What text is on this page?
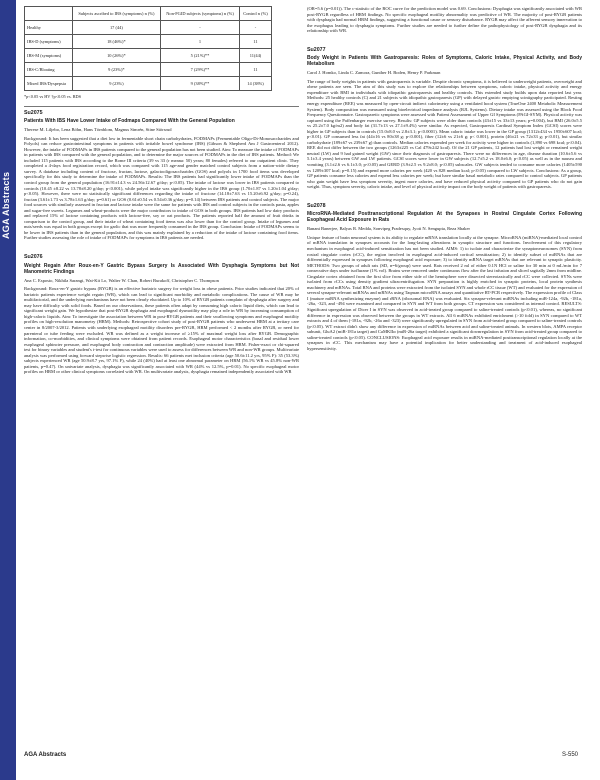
AGA Abstracts
	Subjects ascribed to IBS (symptoms) n (%)	Non-FGID subjects (symptoms) n (%)	Control n (%)
Healthy	17 (44)	-	-
IBS-D (symptoms)	18 (46%)*	1	11
IBS-M (symptoms)	10 (26%)*	5 (21%)**	11(44)
IBS-C/Bloating	9 (23%)*	7 (29%)**	11
Mixed IBS/Dyspepsia	9 (23%)	9 (38%)**	14 (38%)
*p<0.05 vs HV †p<0.05 vs. RDS
Su2075
Patients With IBS Have Lower Intake of Fodmaps Compared With the General Population
Therese M. Liljebo, Lena Böhn, Hans Törnblom, Magnus Simrén, Stine Störsrud
Background: It has been suggested that a diet low in fermentable short chain carbohydrates, FODMAPs (Fermentable Oligo-Di-Monosaccharides and Polyols) can reduce gastrointestinal symptoms in patients with irritable bowel syndrome (IBS) (Gibson & Shepherd Am J Gastroenterol 2012). However, the intake of FODMAPs in IBS patients compared to the general population has not been studied. Aim: To measure the intake of FODMAPs in patients with IBS compared with the general population, and to determine the major sources of FODMAPs in the diet of IBS patients. Method: We included 115 patients with IBS according to the Rome III criteria (39 vs 33 (r meana: 50) years; 80 females) referred to our outpatient clinic. They completed a 4-days food registration record, which was compared with 115 age-and gender matched control subjects from a nation-wide dietary survey. A database including content of fructose, fructan, lactose, galactooligosaccharides (GOS) and polyols in 1700 food items was developed specifically for this study to determine the intake of FODMAPs. Results: The IBS patients had significantly lower intake of FODMAPs than the control group from the general population (16.91±14.3 vs 24.56±12.67 g/day; p<0.05). The intake of lactose was lower in IBS patients compared to controls (10.45 ±8.22 vs 13.78±8.20 g/day; p<0.001), while polyol intake was significantly higher in the IBS group (1.70±1.87 vs 1.20±1.04 g/day; p<0.05). However, there were no statistically significant differences regarding the intake of fructose (14.18±7.63 vs 15.20±6.92 g/day; p=0.24), fructan (3.61±1.73 vs 3.78±1.63 g/day; p=0.61) or GOS (0.61±0.54 vs 0.54±0.36 g/day; p=0.14) between IBS patients and control subjects. The major food sources with similarly assessed in fructan and lactose intake were the same for patients with IBS and control subjects in the controls pasta, apples and sugar-free sweets. Legumes and wheat-products were the major contributors to intake of GOS in both groups. IBS patients had low dairy products and replaced 15% of lactose containing products with lactose-free, soy or oat products. The patients reported half the amount of fruit drinks in comparison to the control group, and their intake of wheat containing food items was also lower than for the control group. Intake of legumes and nuts/seeds was equal in both groups except for garlic that was more frequently consumed in the IBS group. Conclusion: Intake of FODMAPs seems to be lower in IBS patients than in the general population, and this was mainly explained by a reduction of the intake of lactose containing food items. Further studies assessing the role of intake of FODMAPs for symptoms in IBS patients are needed.
Su2076
Weight Regain After Roux-en-Y Gastric Bypass Surgery Is Associated With Dysphagia Symptoms but Not Manometric Findings
Ana C. Esposto, Nikhila Sarangi, Wai-Kit Lo, Walter W. Chan, Robert Burakoff, Christopher C. Thompson
Background: Roux-en-Y gastric bypass (RYGB) is an effective bariatric surgery for weight loss in obese patients. Prior studies indicated that 20% of bariatric patients experience weight regain (WR), which can lead to significant morbidity and metabolic complications. The cause of WR may be multifactorial, and the underlying mechanisms have not been clearly elucidated. Up to 10% of RYGB patients complain of dysphagia after surgery and may have difficulty with solid foods. Based on our observations, these patients often adapt by consuming high caloric liquid diets, which can lead to significant weight gain. We hypothesize that post-RYGB dysphagia and esophageal dysmotility may play a role in WR by increasing consumption of high-caloric liquids. Aim: To investigate the association between WR in post-RYGB patients and their swallowing symptoms and esophageal motility profiles on high-resolution manometry (HRM). Methods: Retrospective cohort study of post-RYGB patients who underwent HRM at a tertiary care center in 8/2007-3/2012. Patients with underlying esophageal motility disorders pre-RYGB, HRM performed < 2 months after RYGB, or need for parenteral or tube feeding were excluded. WR was defined as a weight increase of ≥15% of maximal weight loss after RYGB. Demographic information, co-morbidities, and clinical symptoms were obtained from patient records. Esophageal motor characteristics (basal and residual lower esophageal sphincter pressure, and esophageal body contraction and contraction amplitude) were extracted from HRM. Fisher-exact or chi-squared test for binary variables and student's t-test for continuous variables were used to assess for differences between WR and non-WR groups. Multivariate analysis was performed using forward stepwise logistic regression. Results: 66 patients met inclusion criteria (age 50.6±11.2 yrs, 95% F): 35 (53.3%) subjects experienced WR (age 50.9±8.7 yrs, 97.1% F), while 24 (40%) had at least one abnormal parameter on HRM (56.1% WR vs 45.8% non-WR patients, p=0.47). On univariate analysis, dysphagia was significantly associated with WR (44% vs 12.5%, p=0.01). No specific esophageal motor profiles on HRM or other clinical symptoms correlated with WR. On multivariate analysis, dysphagia remained independently associated with WR
(OR=5.6 (p=0.01)). The c-statistic of the ROC curve for the prediction model was 0.69. Conclusions: Dysphagia was significantly associated with WR post-RYGB regardless of HRM findings. No specific esophageal motility abnormality was predictive of WR. The majority of post-RYGB patients with dysphagia had normal HRM findings, suggesting a functional cause or sensory disturbance. RYGB may affect the afferent sensory innervation to the esophagus leading to dysphagia symptoms. Further studies are needed to further define the pathophysiology of post-RYGB dysphagia and its relationship with WR.
Su2077
Body Weight in Patients With Gastroparesis: Roles of Symptoms, Caloric Intake, Physical Activity, and Body Metabolism
Carol J. Homko, Linda C. Zamora, Gunther H. Boden, Henry P. Parkman
The range of body weights in patients with gastroparesis is variable. Despite chronic symptoms, it is believed to underweight patients, overweight and obese patients are seen. The aim of this study was to explore the relationships between symptoms, caloric intake, physical activity and energy expenditure with BMI in individuals with idiopathic gastroparesis and healthy controls. This extended study builds upon data reported last year. Methods: 25 healthy controls (C) and 21 subjects with idiopathic gastroparesis (GP) with delayed gastric emptying scintigraphy participated. Resting energy expenditure (REE) was measured by open-circuit indirect calorimetry using a ventilated hood system (TrueOne 2400 Metabolic Measurement System). Body composition was measured using bioelectrical impedance analysis (RJL Systems). Dietary intake was assessed using the Block Food Frequency Questionnaire. Gastroparetic symptoms were assessed with Patient Assessment of Upper GI Symptoms (PAGI-SYM). Physical activity was captured using the Paffenbarger exercise survey. Results: GP subjects were older than controls (43±15 vs 33±13 years; p=0.004), but BMI (26.0±5.5 vs 25.2±7.0 kg/m2) and body fat (31.7±13 vs 27.1±9.4%) were similar. As expected, Gastroparesis Cardinal Symptom Index (GCSI) scores were higher in GP subjects than in controls (15.0±8.0 vs 2.8±3.1; p<0.0001). Mean caloric intake was lower in the GP group (1312±434 vs 1950±607 kcal; p<0.01). GP consumed less fat (44±16 vs 80±38 g; p<0.001), fiber (12±6 vs 21±6 g; p< 0.001), protein (46±21 vs 72±33 g; p<0.01), but similar carbohydrate (189±67 vs 239±67 g) than controls. Median calories expended per week for activity were higher in controls (1,890 vs 698 kcal; p<0.04). REE did not differ between the two groups (1263±225 vs Cal 479±242 kcal). Of the 21 GP patients, 12 patients had lost weight or remained weight neutral (LW) and 9 had gained weight (GW) since their diagnosis of gastroparesis. There were no differences in age, disease duration (10.6±5.6 vs 5.1±3.4 years) between GW and LW patients. GCSI scores were lower in GW subjects (12.7±5.2 vs 18.0±6.0; p<0.05) as well as in the nausea and vomiting (3.1±2.6 vs 6.1±3.0; p<0.05) and GERD (3.9±2.5 vs 9.2±8.0; p<0.05) subscales. GW subjects tended to consume more calories (1405±590 vs 1209±307 kcal; p=0.15) and expend more calories per week (420 vs 828 median kcal; p<0.05) compared to LW subjects. Conclusions: As a group, GP patients consume less calories and expend less calories per week; but have similar basal metabolic rates compared to control subjects. GP patients who gain weight have less symptom severity, ingest more calories, and have reduced physical activity compared to GP patients who do not gain weight. Thus, symptom severity, caloric intake, and level of physical activity impact on the body weight of patients with gastroparesis.
Su2078
MicroRNA-Mediated Posttranscriptional Regulation At the Synapses in Rostral Cingulate Cortex Following Esophageal Acid Exposure in Rats
Banani Banerjee, Balyas R. Medda, Sonvipeg Pradesquy, Jyoti N. Sengupta, Reza Shaker
Unique feature of brain neuronal system is its ability to regulate mRNA translation locally at the synapse. MicroRNA (miRNA)-mediated local control of mRNA translation in synapses accounts for the long-lasting alterations in synaptic structure and functions. Involvement of this regulatory mechanism in esophageal acid-induced sensitization has not been studied. AIMS: 1) to isolate and characterize the synaptoneurosomes (SYN) from rostral cingulate cortex (rCC), the region involved in esophageal acid-induced cortical sensitization; 2) to identify subset of miRNAs that are differentially expressed in synapses following esophageal acid exposure; 3) to identify mRNA target mRNAs that are relevant to synaptic plasticity. METHODS: Two groups of adult rats (SD, n=6/group) were used. Rats received 2 ml of either 0.1N HCl or saline for 30 min at 0 mL/min for 7 consecutive days under isoflurane (1% vol). Brains were removed under continuous flow after the last infusion and sliced sagitally 2mm from midline. Cingulate cortex obtained from the first slice from either side of the hemisphere were dissected stereotaxically and rCC were collected. SYNs were isolated from rCCs using density gradient ultracentrifugation. SYN preparation is highly enriched in synaptic proteins, local protein synthesis machinery and mRNAs. Total RNA and proteins were extracted from the isolated SYN and whole rCC tissue (WT) and evaluated for the expression of several synapse-relevant miRNAs and mRNAs using Taqman microRNA assays and quantitative RT-PCR respectively. The expression profile of Class I (mature miRNA synthesizing enzyme) and rRNA (ribosomal RNA) was evaluated. Six synapse-relevant miRNAs including miR-124a, -92b, -181a, -26a, -323, and -494 were examined and compared in SYN and WT from both groups. CT expression was considered as internal control. RESULTS: Significant upregulation of Dicer I in SYN was observed in acid-treated group compared to saline-treated controls (p<0.01), whereas, no significant difference in expression was observed between the groups in WT extracts. All 6 miRNAs exhibited enrichment (>10 fold) in SYN compared to WT extracts and 4 of them (-181a, -92b, -26a and -323) were significantly upregulated in SYN from acid-treated group compared to saline-treated controls (p<0.05). WT extract didn't show any difference in expression of miRNAs between acid and saline-treated animals. In western blots, AMPA receptor subunit, GluA2 (miR-181a target) and CaMKIIα (miR-26a target) exhibited a significant downregulation in SYN from acid-treated group compared to saline-treated controls (p<0.05). CONCLUSIONS: Esophageal acid exposure results in miRNA-mediated posttranscriptional regulation locally at the synapses in rCC. This mechanism may have a potential implication for better understanding and treatment of acid-induced esophageal hypersensitivity.
AGA Abstracts	S-550
